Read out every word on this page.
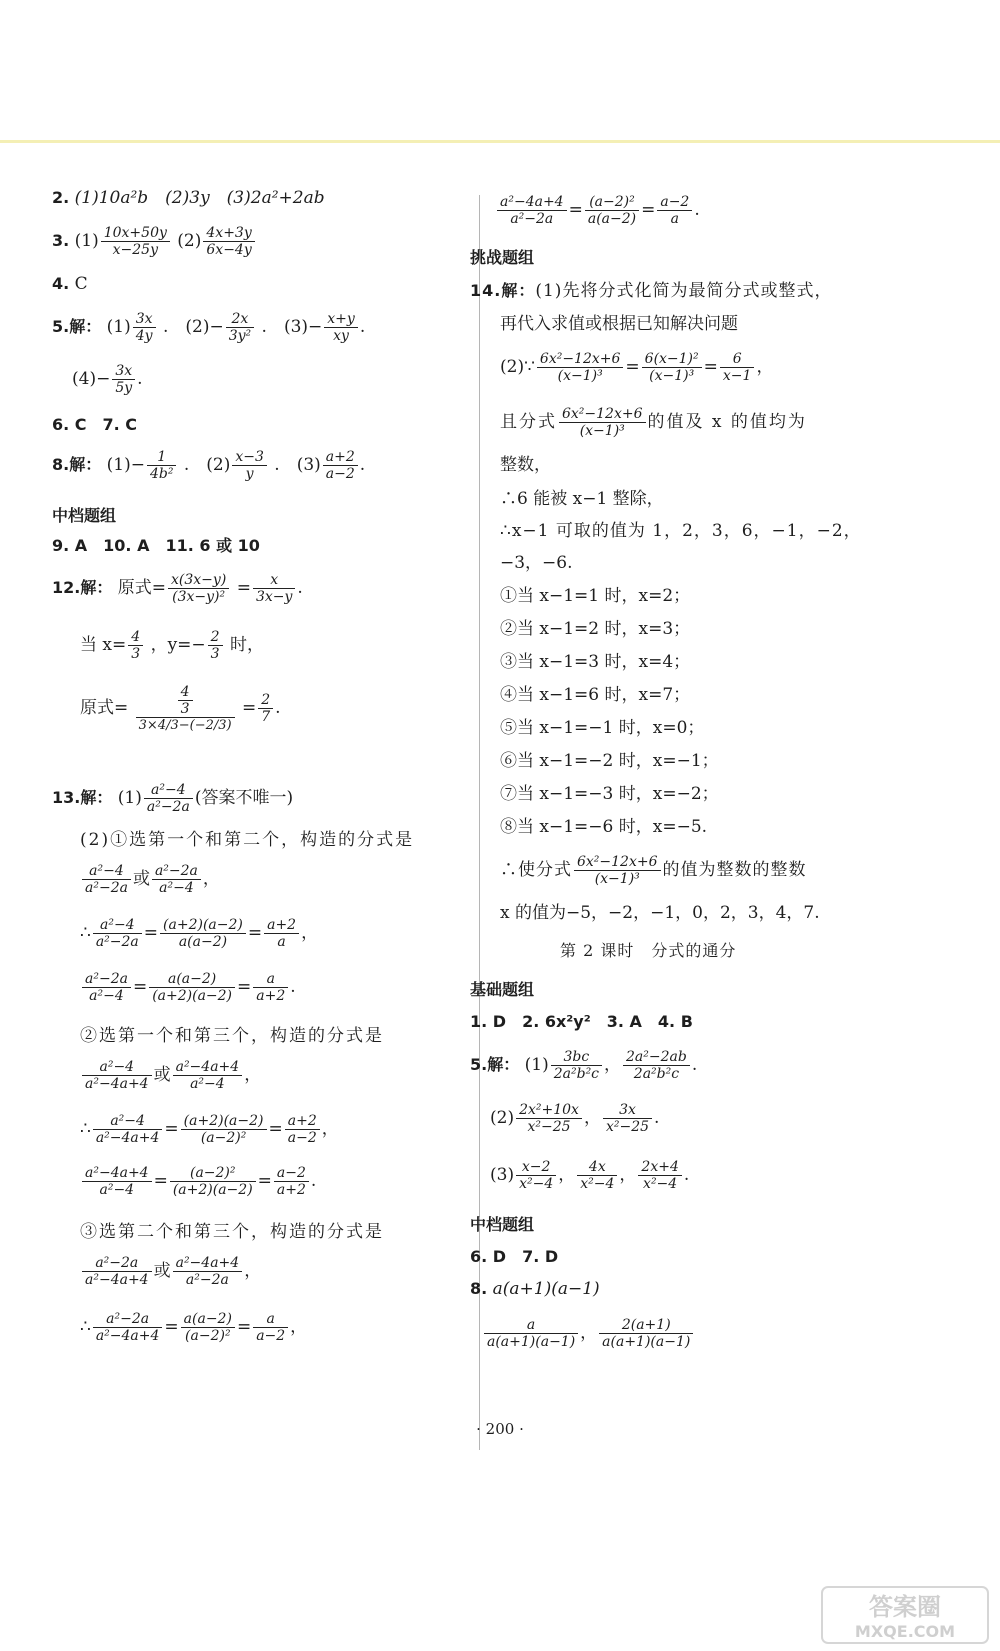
2. (1)10a²b　(2)3y　(3)2a²+2ab
3. $(1) \frac{10x+50y}{x-25y} (2) \frac{4x+3y}{6x-4y}$
4. C
5.解： $(1) \frac{3x}{4y}$ .　$(2)- \frac{2x}{\text{3y²}}$ .　$(3)- \frac{x+y}{xy}$ .
$(4)- \frac{3x}{5y}$ .
6. C　7. C
8.解： $(1)- \frac{1}{\text{4b²}}$ .　$(2) \frac{x-3}{y}$ .　$(3) \frac{a+2}{a-2}$ .
中档题组
9. A　10. A　11. 6 或 10
12.解： 原式= $\frac{x(3x-y)}{\text{(3x−y)²}} = \frac{x}{3x-y}$ .
当 $x= \frac{4}{3}$ ，$y=- \frac{2}{3}$ 时，
原式= $\frac{\frac{4}{3}}{3\times 4/3-(-2/3)} = \frac{2}{7}$ .
13.解： $(1) \frac{\text{a²−4}}{\text{a²−2a}}$ (答案不唯一)
(2)①选第一个和第二个，构造的分式是
$\frac{\text{a²−4}}{\text{a²−2a}}$ 或 $\frac{\text{a²−2a}}{\text{a²−4}}$ ，
∴ $\frac{\text{a²−4}}{\text{a²−2a}} = \frac{(a+2)(a-2)}{a(a-2)} = \frac{a+2}{a}$ ，
$\frac{\text{a²−2a}}{\text{a²−4}} = \frac{a(a-2)}{(a+2)(a-2)} = \frac{a}{a+2}$ .
②选第一个和第三个，构造的分式是
$\frac{\text{a²−4}}{\text{a²−4a+4}}$ 或 $\frac{\text{a²−4a+4}}{\text{a²−4}}$ ，
∴ $\frac{\text{a²−4}}{\text{a²−4a+4}} = \frac{(a+2)(a-2)}{\text{(a−2)²}} = \frac{a+2}{a-2}$ ，
$\frac{\text{a²−4a+4}}{\text{a²−4}} = \frac{\text{(a−2)²}}{(a+2)(a-2)} = \frac{a-2}{a+2}$ .
③选第二个和第三个，构造的分式是
$\frac{\text{a²−2a}}{\text{a²−4a+4}}$ 或 $\frac{\text{a²−4a+4}}{\text{a²−2a}}$ ，
∴ $\frac{\text{a²−2a}}{\text{a²−4a+4}} = \frac{a(a-2)}{\text{(a−2)²}} = \frac{a}{a-2}$ ，
$\frac{\text{a²−4a+4}}{\text{a²−2a}} = \frac{\text{(a−2)²}}{a(a-2)} = \frac{a-2}{a}$ .
挑战题组
14.解：(1)先将分式化简为最简分式或整式，
再代入求值或根据已知解决问题
(2)∵ $\frac{\text{6x²−12x+6}}{\text{(x−1)³}} = \frac{\text{6(x−1)²}}{\text{(x−1)³}} = \frac{6}{x-1}$ ，
且分式 $\frac{\text{6x²−12x+6}}{\text{(x−1)³}}$ 的值及 x 的值均为
整数，
∴6 能被 x−1 整除，
∴x−1 可取的值为 1，2，3，6，−1，−2，
−3，−6.
①当 x−1=1 时，x=2；
②当 x−1=2 时，x=3；
③当 x−1=3 时，x=4；
④当 x−1=6 时，x=7；
⑤当 x−1=−1 时，x=0；
⑥当 x−1=−2 时，x=−1；
⑦当 x−1=−3 时，x=−2；
⑧当 x−1=−6 时，x=−5.
∴使分式 $\frac{\text{6x²−12x+6}}{\text{(x−1)³}}$ 的值为整数的整数
x 的值为−5，−2，−1，0，2，3，4，7.
第 2 课时　分式的通分
基础题组
1. D　2. 6x²y²　3. A　4. B
5.解： $(1) \frac{3bc}{\text{2a²b²c}}$ ， $\frac{\text{2a²−2ab}}{\text{2a²b²c}}$ .
$(2) \frac{\text{2x²+10x}}{\text{x²−25}}$ ， $\frac{3x}{\text{x²−25}}$ .
$(3) \frac{x-2}{\text{x²−4}}$ ， $\frac{4x}{\text{x²−4}}$ ， $\frac{2x+4}{\text{x²−4}}$ .
中档题组
6. D　7. D
8. a(a+1)(a−1)
$\frac{a}{a(a+1)(a-1)}$ ， $\frac{2(a+1)}{a(a+1)(a-1)}$
· 200 ·
答案圈
MXQE.COM
